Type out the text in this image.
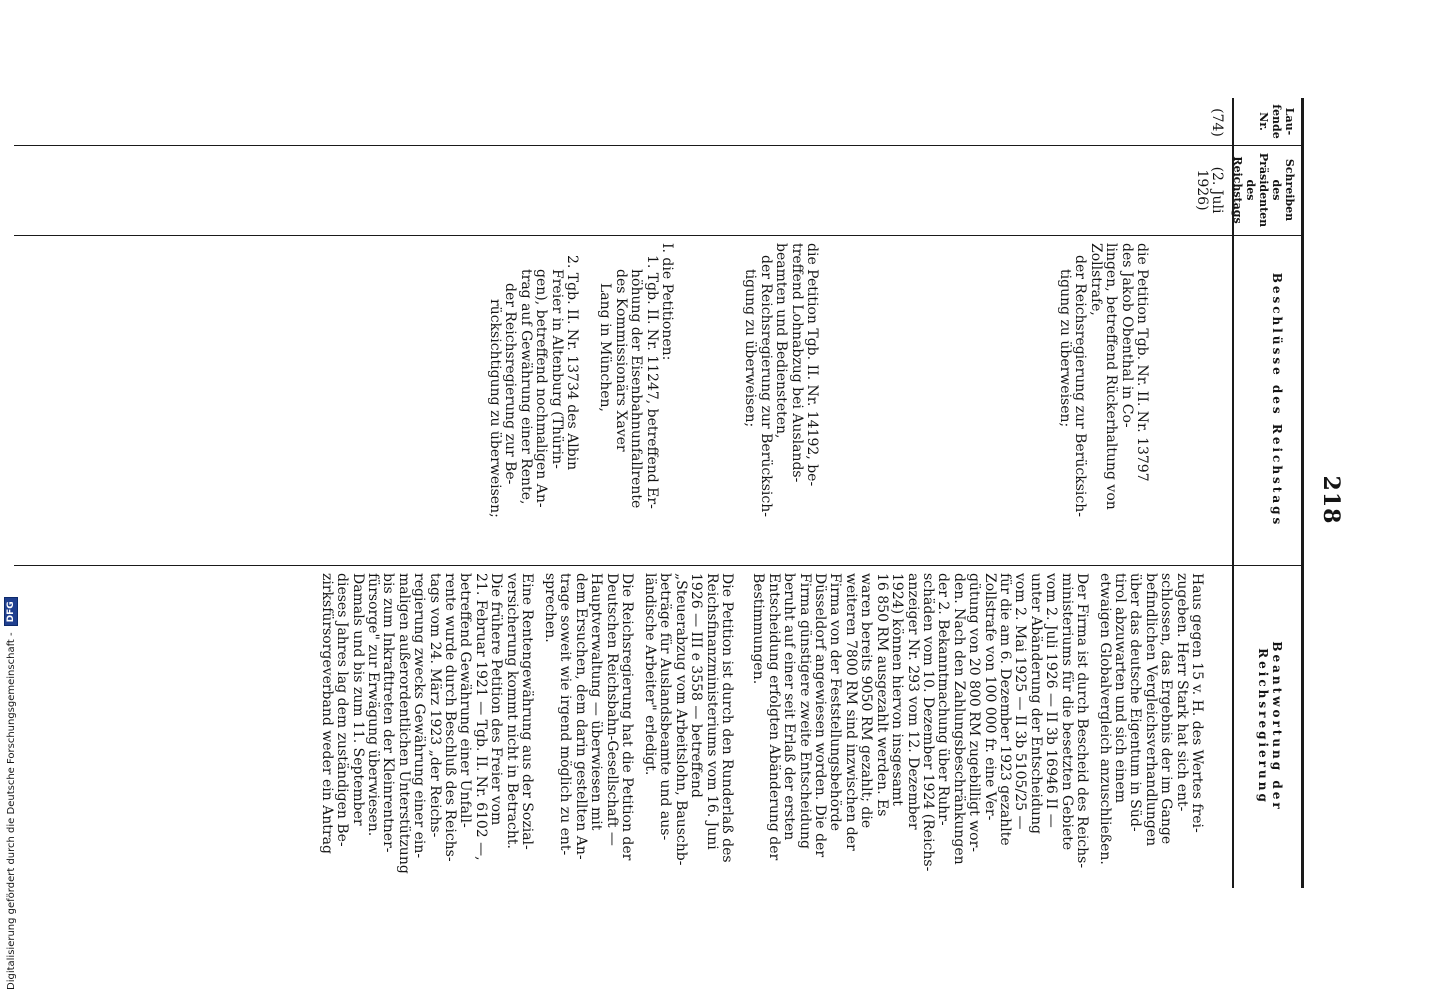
218
Lau-
fende
Nr.
Schreiben
des
Präsidenten
des
Reichstags
Beschlüsse des Reichstags
Beantwortung der Reichsregierung
(74)
(2. Juli
1926)
die Petition Tgb. Nr. II. Nr. 13797
des Jakob Obenthal in Co-
lingen, betreffend Rückerhaltung von
Zollstrafe,
der Reichsregierung zur Berücksich-
tigung zu überweisen;
die Petition Tgb. II. Nr. 14192, be-
treffend Lohnabzug bei Auslands-
beamten und Bediensteten,
der Reichsregierung zur Berücksich-
tigung zu überweisen;
I. die Petitionen:
1. Tgb. II. Nr. 11247, betreffend Er-
höhung der Eisenbahnunfallrente
des Kommissionärs Xaver
Lang in München,
2. Tgb. II. Nr. 13734 des Albin
Freier in Altenburg (Thürin-
gen), betreffend nochmaligen An-
trag auf Gewährung einer Rente,
der Reichsregierung zur Be-
rücksichtigung zu überweisen;
Haus gegen 15 v. H. des Wertes frei-
zugeben. Herr Stark hat sich ent-
schlossen, das Ergebnis der im Gange
befindlichen Vergleichsverhandlungen
über das deutsche Eigentum in Süd-
tirol abzuwarten und sich einem
etwaigen Globalvergleich anzuschließen.
Der Firma ist durch Bescheid des Reichs-
ministeriums für die besetzten Gebiete
vom 2. Juli 1926 — II 3b 16946 II —
unter Abänderung der Entscheidung
vom 2. Mai 1925 — II 3b 5105/25 —
für die am 6. Dezember 1923 gezahlte
Zollstrafe von 100 000 fr. eine Ver-
gütung von 20 800 RM zugebilligt wor-
den. Nach den Zahlungsbeschränkungen
der 2. Bekanntmachung über Ruhr-
schäden vom 10. Dezember 1924 (Reichs-
anzeiger Nr. 293 vom 12. Dezember
1924) können hiervon insgesamt
16 850 RM ausgezahlt werden. Es
waren bereits 9050 RM gezahlt; die
weiteren 7800 RM sind inzwischen der
Firma von der Feststellungsbehörde
Düsseldorf angewiesen worden. Die der
Firma günstigere zweite Entscheidung
beruht auf einer seit Erlaß der ersten
Entscheidung erfolgten Abänderung der
Bestimmungen.
Die Petition ist durch den Runderlaß des
Reichsfinanzministeriums vom 16. Juni
1926 — III e 3558 — betreffend
„Steuerabzug vom Arbeitslohn, Bauschb-
beträge für Auslandsbeamte und aus-
ländische Arbeiter" erledigt.
Die Reichsregierung hat die Petition der
Deutschen Reichsbahn-Gesellschaft —
Hauptverwaltung — überwiesen mit
dem Ersuchen, dem darin gestellten An-
trage soweit wie irgend möglich zu ent-
sprechen.
Eine Rentengewährung aus der Sozial-
versicherung kommt nicht in Betracht.
Die frühere Petition des Freier vom
21. Februar 1921 — Tgb. II. Nr. 6102 —,
betreffend Gewährung einer Unfall-
rente wurde durch Beschluß des Reichs-
tags vom 24. März 1923 „der Reichs-
regierung zwecks Gewährung einer ein-
maligen außerordentlichen Unterstützung
bis zum Inkrafttreten der Kleinrentner-
fürsorge" zur Erwägung überwiesen.
Damals und bis zum 11. September
dieses Jahres lag dem zuständigen Be-
zirksfürsorgeverband weder ein Antrag
Digitalisierung gefördert durch die Deutsche Forschungsgemeinschaft -
DFG
